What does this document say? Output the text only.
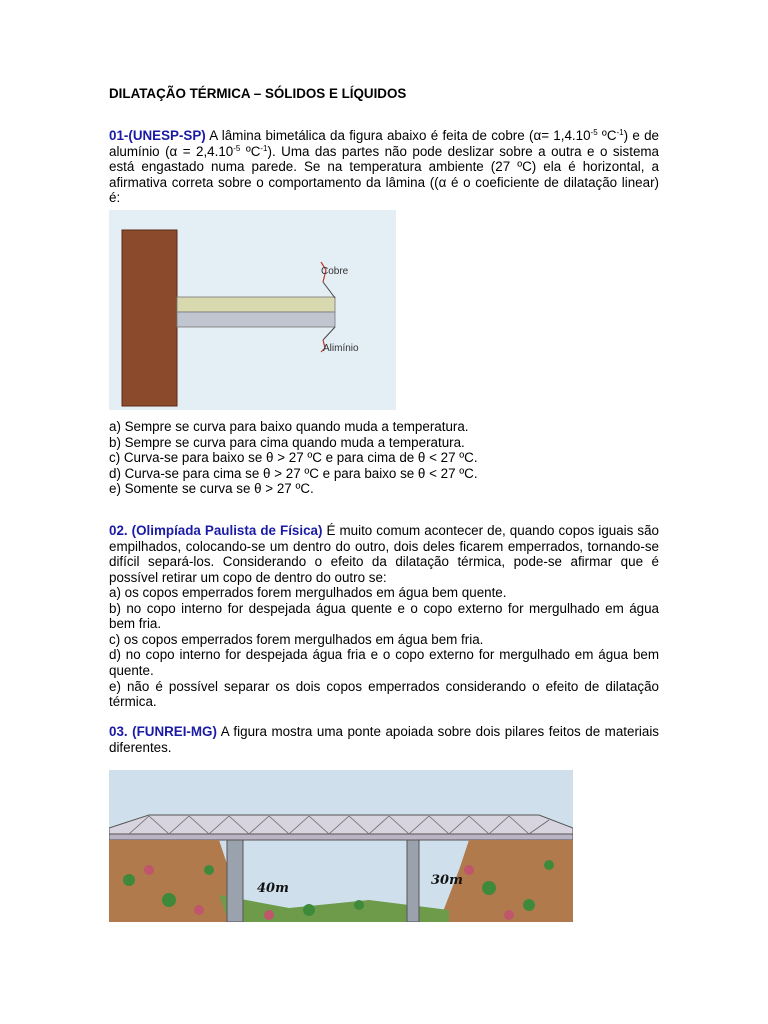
DILATAÇÃO TÉRMICA – SÓLIDOS E LÍQUIDOS
01-(UNESP-SP) A lâmina bimetálica da figura abaixo é feita de cobre ($\alpha= 1,4.10^{-5}$ ºC$^{-1}$) e de alumínio ($\alpha = 2,4.10^{-5}$ ºC$^{-1}$). Uma das partes não pode deslizar sobre a outra e o sistema está engastado numa parede. Se na temperatura ambiente (27 ºC) ela é horizontal, a afirmativa correta sobre o comportamento da lâmina ((α é o coeficiente de dilatação linear) é:
Cobre
Alimínio
a) Sempre se curva para baixo quando muda a temperatura.
b) Sempre se curva para cima quando muda a temperatura.
c) Curva-se para baixo se θ > 27 ºC e para cima de θ < 27 ºC.
d) Curva-se para cima se θ > 27 ºC e para baixo se θ < 27 ºC.
e) Somente se curva se θ > 27 ºC.
02. (Olimpíada Paulista de Física) É muito comum acontecer de, quando copos iguais são empilhados, colocando-se um dentro do outro, dois deles ficarem emperrados, tornando-se difícil separá-los. Considerando o efeito da dilatação térmica, pode-se afirmar que é possível retirar um copo de dentro do outro se:
a) os copos emperrados forem mergulhados em água bem quente.
b) no copo interno for despejada água quente e o copo externo for mergulhado em água bem fria.
c) os copos emperrados forem mergulhados em água bem fria.
d) no copo interno for despejada água fria e o copo externo for mergulhado em água bem quente.
e) não é possível separar os dois copos emperrados considerando o efeito de dilatação térmica.
03. (FUNREI-MG) A figura mostra uma ponte apoiada sobre dois pilares feitos de materiais diferentes.
40m
30m
